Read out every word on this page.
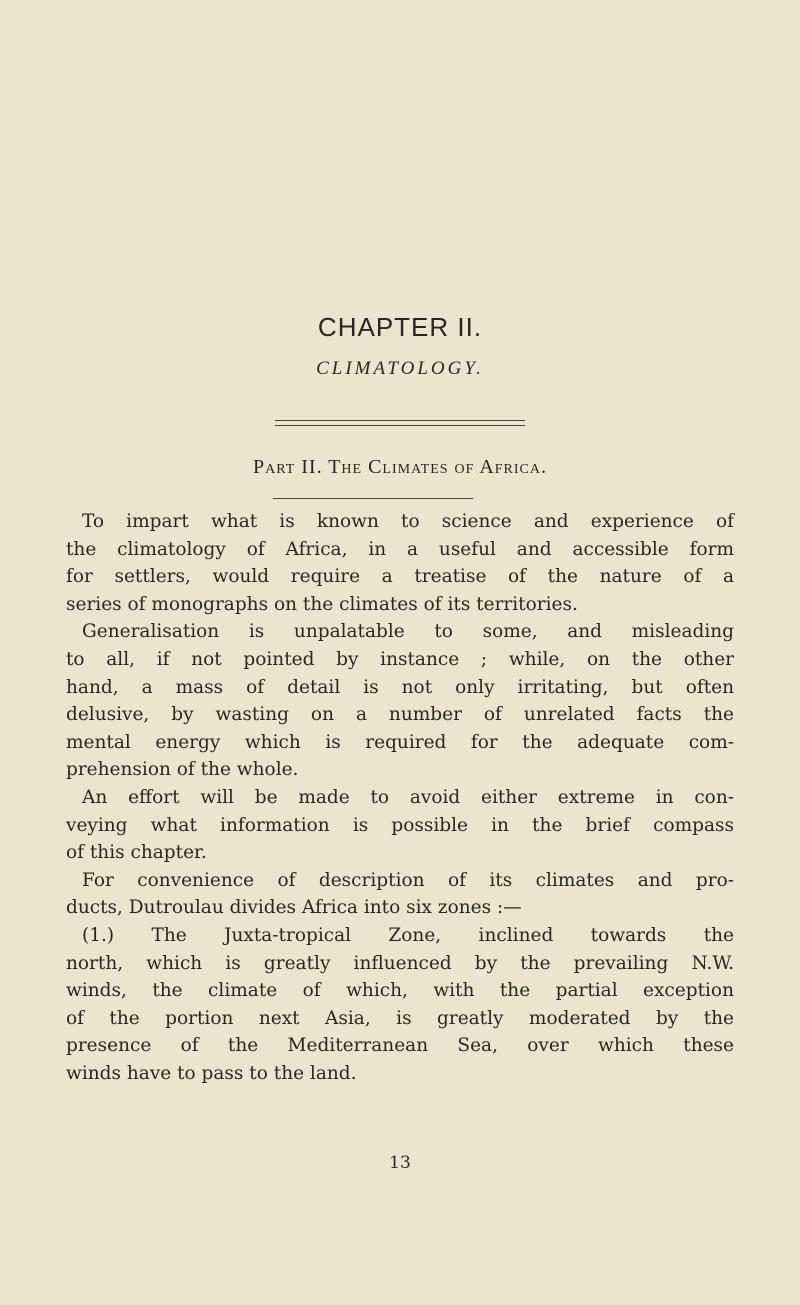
CHAPTER II.
CLIMATOLOGY.
Part II. The Climates of Africa.

To impart what is known to science and experience of
the climatology of Africa, in a useful and accessible form
for settlers, would require a treatise of the nature of a
series of monographs on the climates of its territories.

Generalisation is unpalatable to some, and misleading
to all, if not pointed by instance ; while, on the other
hand, a mass of detail is not only irritating, but often
delusive, by wasting on a number of unrelated facts the
mental energy which is required for the adequate com-
prehension of the whole.

An effort will be made to avoid either extreme in con-
veying what information is possible in the brief compass
of this chapter.

For convenience of description of its climates and pro-
ducts, Dutroulau divides Africa into six zones :—

(1.) The Juxta-tropical Zone, inclined towards the
north, which is greatly influenced by the prevailing N.W.
winds, the climate of which, with the partial exception
of the portion next Asia, is greatly moderated by the
presence of the Mediterranean Sea, over which these
winds have to pass to the land.

13
